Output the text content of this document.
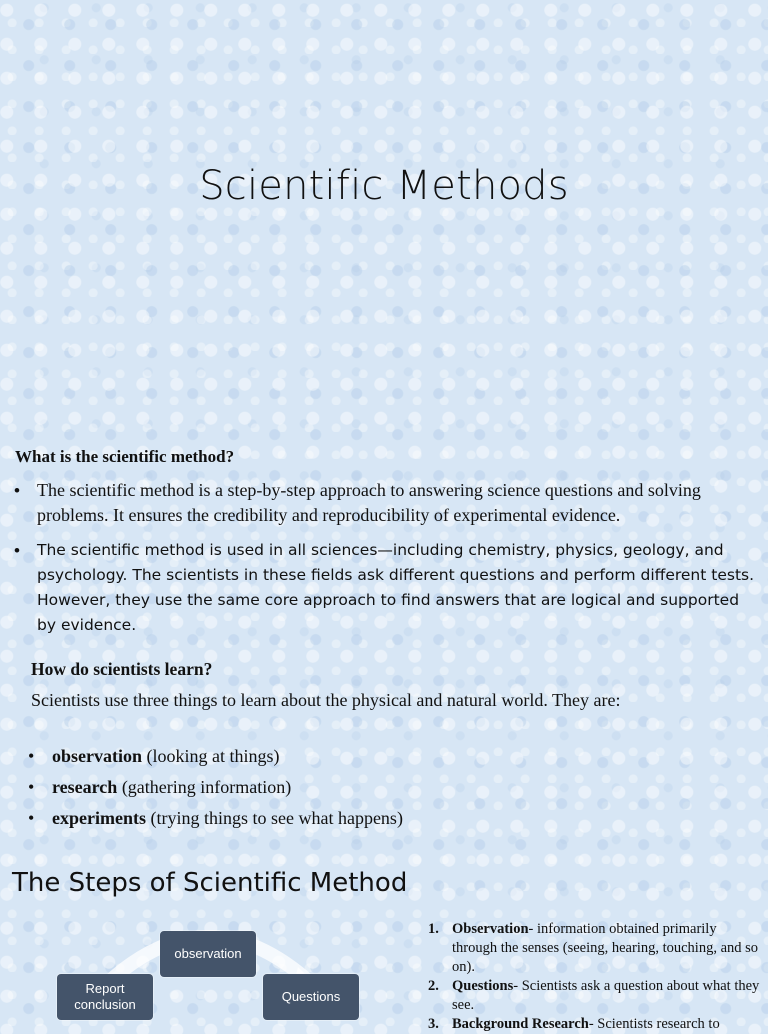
Scientific Methods
What is the scientific method?
• The scientific method is a step-by-step approach to answering science questions and solving problems. It ensures the credibility and reproducibility of experimental evidence.
• The scientific method is used in all sciences—including chemistry, physics, geology, and psychology. The scientists in these fields ask different questions and perform different tests. However, they use the same core approach to find answers that are logical and supported by evidence.
How do scientists learn?

Scientists use three things to learn about the physical and natural world. They are:

• observation (looking at things)
• research (gathering information)
• experiments (trying things to see what happens)
The Steps of Scientific Method
observation
Questions
Report
conclusion
1. Observation- information obtained primarily through the senses (seeing, hearing, touching, and so on).
2. Questions- Scientists ask a question about what they see.
3. Background Research- Scientists research to
